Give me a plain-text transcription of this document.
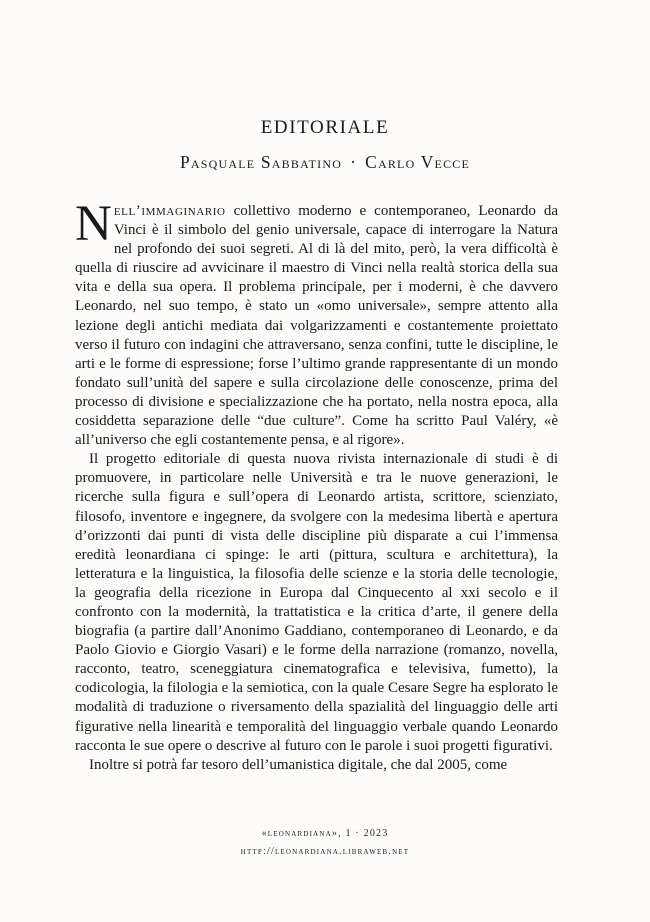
EDITORIALE
Pasquale Sabbatino · Carlo Vecce

Nell’immaginario collettivo moderno e contemporaneo, Leonardo da Vinci è il simbolo del genio universale, capace di interrogare la Natura nel profondo dei suoi segreti. Al di là del mito, però, la vera difficoltà è quella di riuscire ad avvicinare il maestro di Vinci nella realtà storica della sua vita e della sua opera. Il problema principale, per i moderni, è che davvero Leonardo, nel suo tempo, è stato un «omo universale», sempre attento alla lezione degli antichi mediata dai volgarizzamenti e costantemente proiettato verso il futuro con indagini che attraversano, senza confini, tutte le discipline, le arti e le forme di espressione; forse l’ultimo grande rappresentante di un mondo fondato sull’unità del sapere e sulla circolazione delle conoscenze, prima del processo di divisione e specializzazione che ha portato, nella nostra epoca, alla cosiddetta separazione delle “due culture”. Come ha scritto Paul Valéry, «è all’universo che egli costantemente pensa, e al rigore».

Il progetto editoriale di questa nuova rivista internazionale di studi è di promuovere, in particolare nelle Università e tra le nuove generazioni, le ricerche sulla figura e sull’opera di Leonardo artista, scrittore, scienziato, filosofo, inventore e ingegnere, da svolgere con la medesima libertà e apertura d’orizzonti dai punti di vista delle discipline più disparate a cui l’immensa eredità leonardiana ci spinge: le arti (pittura, scultura e architettura), la letteratura e la linguistica, la filosofia delle scienze e la storia delle tecnologie, la geografia della ricezione in Europa dal Cinquecento al xxi secolo e il confronto con la modernità, la trattatistica e la critica d’arte, il genere della biografia (a partire dall’Anonimo Gaddiano, contemporaneo di Leonardo, e da Paolo Giovio e Giorgio Vasari) e le forme della narrazione (romanzo, novella, racconto, teatro, sceneggiatura cinematografica e televisiva, fumetto), la codicologia, la filologia e la semiotica, con la quale Cesare Segre ha esplorato le modalità di traduzione o riversamento della spazialità del linguaggio delle arti figurative nella linearità e temporalità del linguaggio verbale quando Leonardo racconta le sue opere o descrive al futuro con le parole i suoi progetti figurativi.

Inoltre si potrà far tesoro dell’umanistica digitale, che dal 2005, come

«leonardiana», 1 · 2023
http://leonardiana.libraweb.net
